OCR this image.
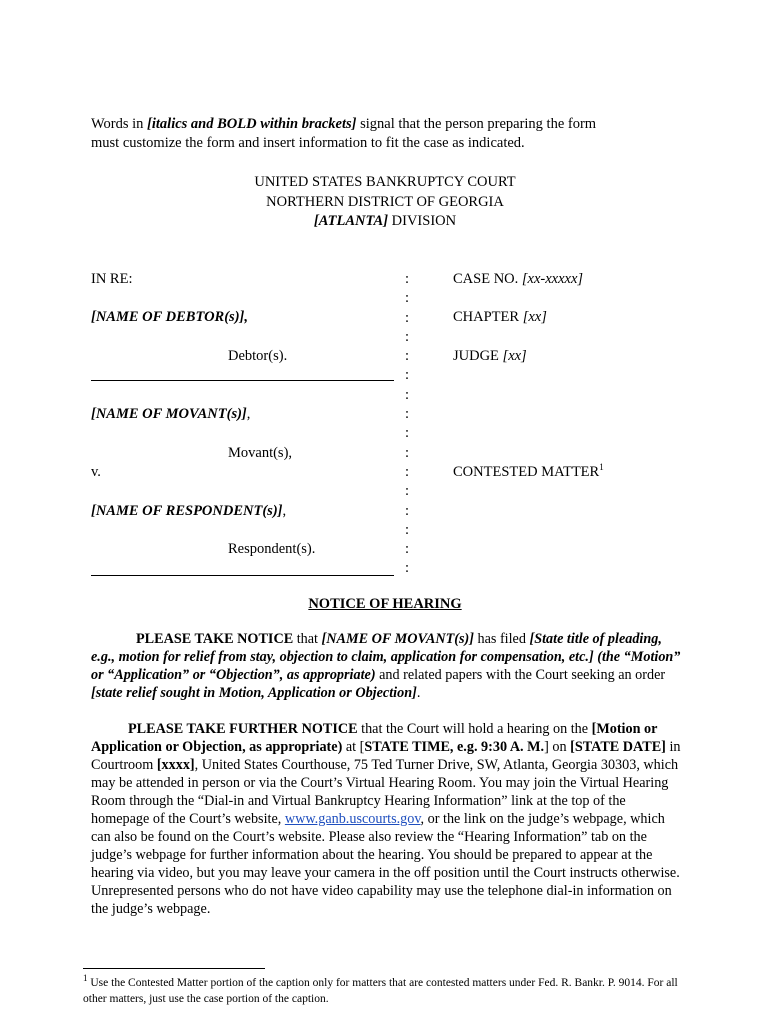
Words in [italics and BOLD within brackets] signal that the person preparing the form
must customize the form and insert information to fit the case as indicated.
UNITED STATES BANKRUPTCY COURT
NORTHERN DISTRICT OF GEORGIA
[ATLANTA] DIVISION
IN RE:
[NAME OF DEBTOR(s)],
Debtor(s).
[NAME OF MOVANT(s)],
Movant(s),
v.
[NAME OF RESPONDENT(s)],
Respondent(s).
:
:
:
:
:
:
:
:
:
:
:
:
:
:
:
:
CASE NO. [xx-xxxxx]
CHAPTER [xx]
JUDGE [xx]
CONTESTED MATTER$^1$
NOTICE OF HEARING
PLEASE TAKE NOTICE that [NAME OF MOVANT(s)] has filed [State title of pleading, e.g., motion for relief from stay, objection to claim, application for compensation, etc.] (the “Motion” or “Application” or “Objection”, as appropriate) and related papers with the Court seeking an order [state relief sought in Motion, Application or Objection].
PLEASE TAKE FURTHER NOTICE that the Court will hold a hearing on the [Motion or Application or Objection, as appropriate) at [STATE TIME, e.g. 9:30 A. M.] on [STATE DATE] in Courtroom [xxxx], United States Courthouse, 75 Ted Turner Drive, SW, Atlanta, Georgia 30303, which may be attended in person or via the Court’s Virtual Hearing Room. You may join the Virtual Hearing Room through the “Dial-in and Virtual Bankruptcy Hearing Information” link at the top of the homepage of the Court’s website, www.ganb.uscourts.gov, or the link on the judge’s webpage, which can also be found on the Court’s website. Please also review the “Hearing Information” tab on the judge’s webpage for further information about the hearing. You should be prepared to appear at the hearing via video, but you may leave your camera in the off position until the Court instructs otherwise. Unrepresented persons who do not have video capability may use the telephone dial-in information on the judge’s webpage.
$^1$ Use the Contested Matter portion of the caption only for matters that are contested matters under Fed. R. Bankr. P. 9014. For all other matters, just use the case portion of the caption.
